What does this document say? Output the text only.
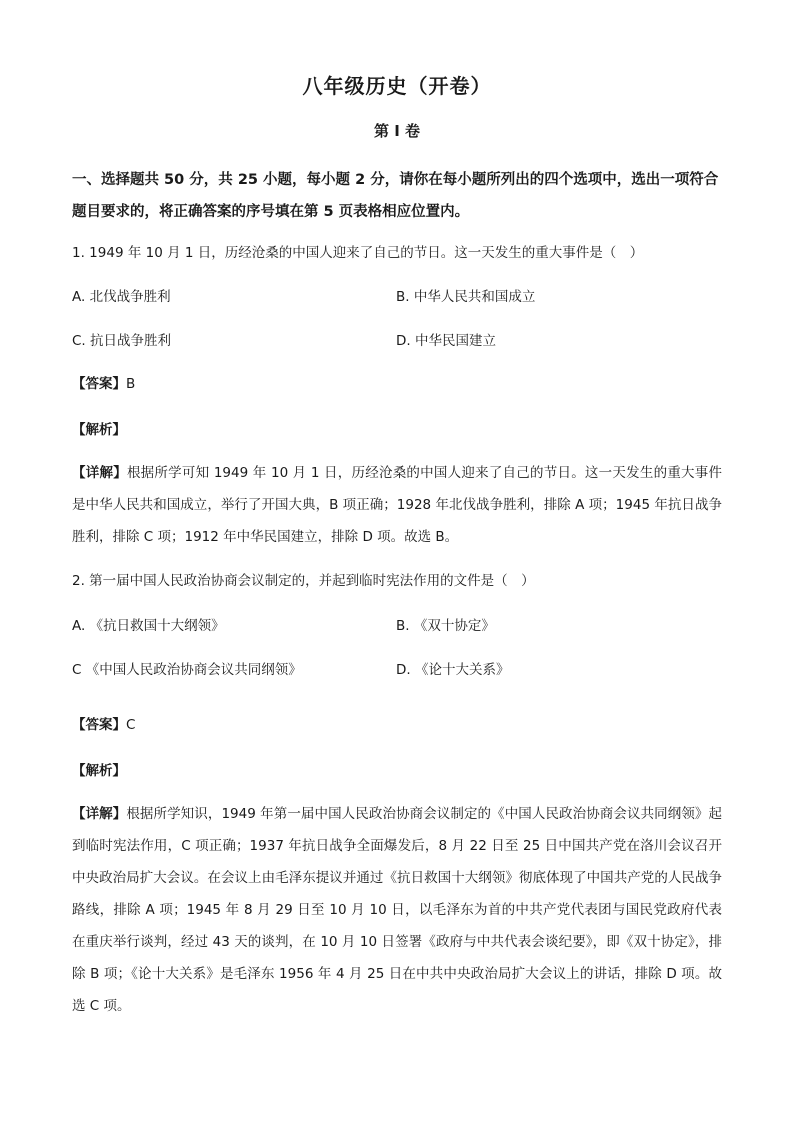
八年级历史（开卷）
第 I 卷
一、选择题共 50 分，共 25 小题，每小题 2 分，请你在每小题所列出的四个选项中，选出一项符合题目要求的，将正确答案的序号填在第 5 页表格相应位置内。
1. 1949 年 10 月 1 日，历经沧桑的中国人迎来了自己的节日。这一天发生的重大事件是（　）
A. 北伐战争胜利	B. 中华人民共和国成立
C. 抗日战争胜利	D. 中华民国建立
【答案】B
【解析】
【详解】根据所学可知 1949 年 10 月 1 日，历经沧桑的中国人迎来了自己的节日。这一天发生的重大事件是中华人民共和国成立，举行了开国大典，B 项正确；1928 年北伐战争胜利，排除 A 项；1945 年抗日战争胜利，排除 C 项；1912 年中华民国建立，排除 D 项。故选 B。
2. 第一届中国人民政治协商会议制定的，并起到临时宪法作用的文件是（　）
A. 《抗日救国十大纲领》	B. 《双十协定》
C 《中国人民政治协商会议共同纲领》	D. 《论十大关系》
【答案】C
【解析】
【详解】根据所学知识，1949 年第一届中国人民政治协商会议制定的《中国人民政治协商会议共同纲领》起到临时宪法作用，C 项正确；1937 年抗日战争全面爆发后，8 月 22 日至 25 日中国共产党在洛川会议召开中央政治局扩大会议。在会议上由毛泽东提议并通过《抗日救国十大纲领》彻底体现了中国共产党的人民战争路线，排除 A 项；1945 年 8 月 29 日至 10 月 10 日，以毛泽东为首的中共产党代表团与国民党政府代表在重庆举行谈判，经过 43 天的谈判，在 10 月 10 日签署《政府与中共代表会谈纪要》，即《双十协定》，排除 B 项；《论十大关系》是毛泽东 1956 年 4 月 25 日在中共中央政治局扩大会议上的讲话，排除 D 项。故选 C 项。
